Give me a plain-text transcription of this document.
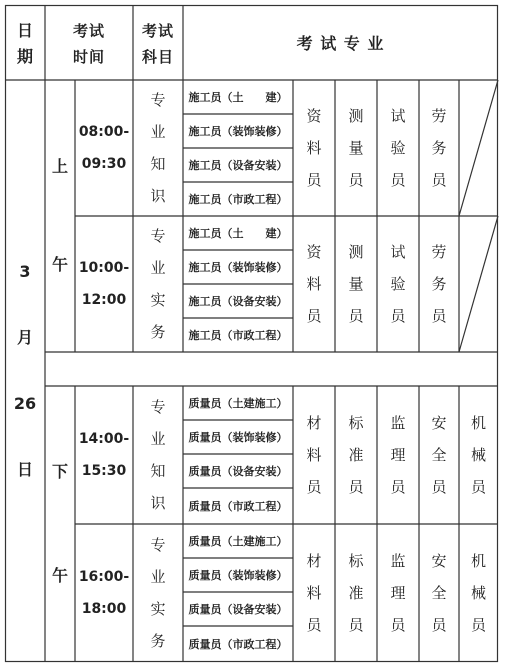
日
期
考试
时间
考试
科目
考 试 专 业
3
月
26
日
上
午
下
午
08:00-
09:30
专
业
知
识
施工员（土　　建）
施工员（装饰装修）
施工员（设备安装）
施工员（市政工程）
资
料
员
测
量
员
试
验
员
劳
务
员
10:00-
12:00
专
业
实
务
施工员（土　　建）
施工员（装饰装修）
施工员（设备安装）
施工员（市政工程）
资
料
员
测
量
员
试
验
员
劳
务
员
14:00-
15:30
专
业
知
识
质量员（土建施工）
质量员（装饰装修）
质量员（设备安装）
质量员（市政工程）
材
料
员
标
准
员
监
理
员
安
全
员
机
械
员
16:00-
18:00
专
业
实
务
质量员（土建施工）
质量员（装饰装修）
质量员（设备安装）
质量员（市政工程）
材
料
员
标
准
员
监
理
员
安
全
员
机
械
员
